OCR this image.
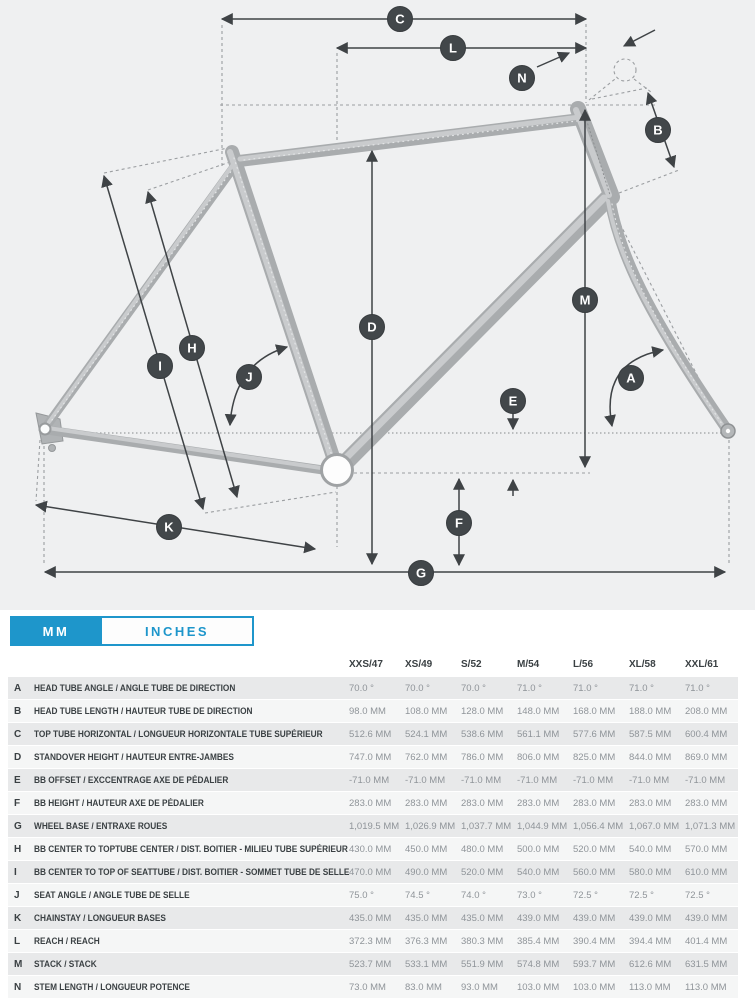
A
B
C
D
E
F
G
H
I
J
K
L
M
N
MM	INCHES
XXS/47	XS/49	S/52	M/54	L/56	XL/58	XXL/61
A	HEAD TUBE ANGLE / ANGLE TUBE DE DIRECTION	70.0 °	70.0 °	70.0 °	71.0 °	71.0 °	71.0 °	71.0 °
B	HEAD TUBE LENGTH / HAUTEUR TUBE DE DIRECTION	98.0 MM	108.0 MM	128.0 MM	148.0 MM	168.0 MM	188.0 MM	208.0 MM
C	TOP TUBE HORIZONTAL / LONGUEUR HORIZONTALE TUBE SUPÉRIEUR	512.6 MM	524.1 MM	538.6 MM	561.1 MM	577.6 MM	587.5 MM	600.4 MM
D	STANDOVER HEIGHT / HAUTEUR ENTRE-JAMBES	747.0 MM	762.0 MM	786.0 MM	806.0 MM	825.0 MM	844.0 MM	869.0 MM
E	BB OFFSET / EXCCENTRAGE AXE DE PÉDALIER	-71.0 MM	-71.0 MM	-71.0 MM	-71.0 MM	-71.0 MM	-71.0 MM	-71.0 MM
F	BB HEIGHT / HAUTEUR AXE DE PÉDALIER	283.0 MM	283.0 MM	283.0 MM	283.0 MM	283.0 MM	283.0 MM	283.0 MM
G	WHEEL BASE / ENTRAXE ROUES	1,019.5 MM 1,026.9 MM 1,037.7 MM 1,044.9 MM 1,056.4 MM 1,067.0 MM 1,071.3 MM
H	BB CENTER TO TOPTUBE CENTER / DIST. BOITIER - MILIEU TUBE SUPÉRIEUR 430.0 MM	450.0 MM	480.0 MM	500.0 MM	520.0 MM	540.0 MM	570.0 MM
I	BB CENTER TO TOP OF SEATTUBE / DIST. BOITIER - SOMMET TUBE DE SELLE 470.0 MM	490.0 MM	520.0 MM	540.0 MM	560.0 MM	580.0 MM	610.0 MM
J	SEAT ANGLE / ANGLE TUBE DE SELLE	75.0 °	74.5 °	74.0 °	73.0 °	72.5 °	72.5 °	72.5 °
K	CHAINSTAY / LONGUEUR BASES	435.0 MM	435.0 MM	435.0 MM	439.0 MM	439.0 MM	439.0 MM	439.0 MM
L	REACH / REACH	372.3 MM	376.3 MM	380.3 MM	385.4 MM	390.4 MM	394.4 MM	401.4 MM
M	STACK / STACK	523.7 MM	533.1 MM	551.9 MM	574.8 MM	593.7 MM	612.6 MM	631.5 MM
N	STEM LENGTH / LONGUEUR POTENCE	73.0 MM	83.0 MM	93.0 MM	103.0 MM	103.0 MM	113.0 MM	113.0 MM
